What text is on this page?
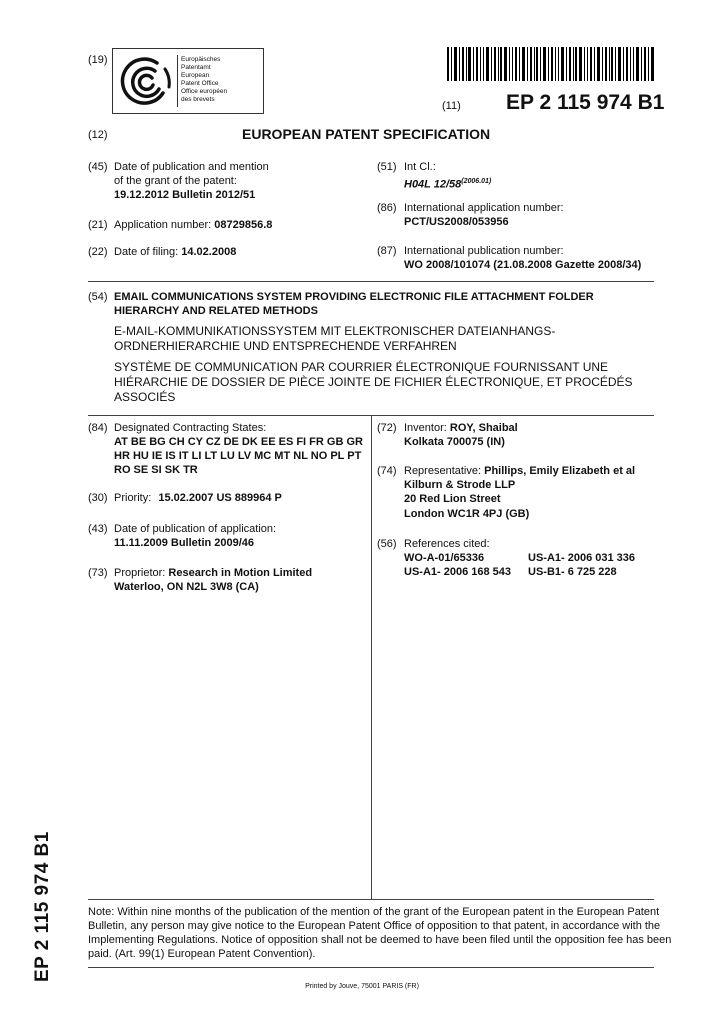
(19)	Europäisches
Patentamt
European
Patent Office
Office européen
des brevets
(11) EP 2 115 974 B1
(12)	EUROPEAN PATENT SPECIFICATION
(45) Date of publication and mention
of the grant of the patent:
19.12.2012 Bulletin 2012/51
(21) Application number: 08729856.8
(22) Date of filing: 14.02.2008
(51) Int Cl.:
H04L $12/58^{(2006.01)}$
(86) International application number:
PCT/US2008/053956
(87) International publication number:
WO 2008/101074 (21.08.2008 Gazette 2008/34)
(54) EMAIL COMMUNICATIONS SYSTEM PROVIDING ELECTRONIC FILE ATTACHMENT FOLDER
HIERARCHY AND RELATED METHODS
E-MAIL-KOMMUNIKATIONSSYSTEM MIT ELEKTRONISCHER DATEIANHANGS-
ORDNERHIERARCHIE UND ENTSPRECHENDE VERFAHREN
SYSTÈME DE COMMUNICATION PAR COURRIER ÉLECTRONIQUE FOURNISSANT UNE
HIÉRARCHIE DE DOSSIER DE PIÈCE JOINTE DE FICHIER ÉLECTRONIQUE, ET PROCÉDÉS
ASSOCIÉS
(84) Designated Contracting States:
AT BE BG CH CY CZ DE DK EE ES FI FR GB GR
HR HU IE IS IT LI LT LU LV MC MT NL NO PL PT
RO SE SI SK TR
(30) Priority: 15.02.2007 US 889964 P
(43) Date of publication of application:
11.11.2009 Bulletin 2009/46
(73) Proprietor: Research in Motion Limited
Waterloo, ON N2L 3W8 (CA)
(72) Inventor: ROY, Shaibal
Kolkata 700075 (IN)
(74) Representative: Phillips, Emily Elizabeth et al
Kilburn & Strode LLP
20 Red Lion Street
London WC1R 4PJ (GB)
(56) References cited:
WO-A-01/65336	US-A1- 2006 031 336
US-A1- 2006 168 543 US-B1- 6 725 228
Note: Within nine months of the publication of the mention of the grant of the European patent in the European Patent
Bulletin, any person may give notice to the European Patent Office of opposition to that patent, in accordance with the
Implementing Regulations. Notice of opposition shall not be deemed to have been filed until the opposition fee has been
paid. (Art. 99(1) European Patent Convention).
Printed by Jouve, 75001 PARIS (FR)
EP 2 115 974 B1
